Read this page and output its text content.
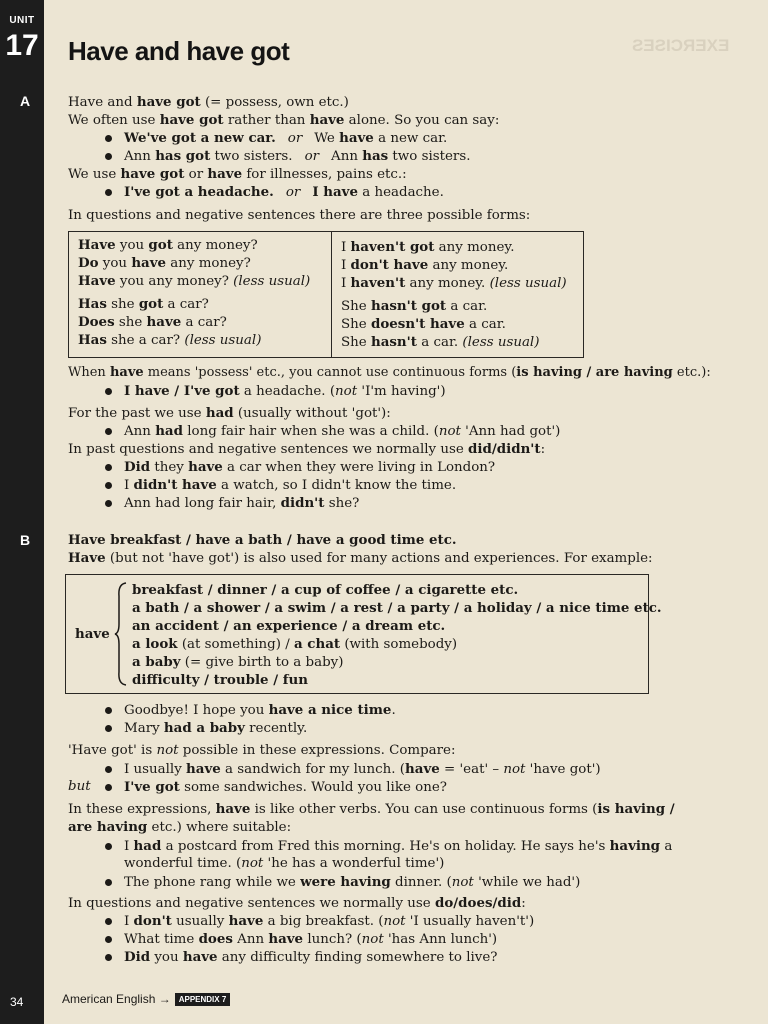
UNIT
17
A
B
34
Have and have got	EXERCISES
Have and have got (= possess, own etc.)
We often use have got rather than have alone. So you can say:
We've got a new car. or We have a new car.
Ann has got two sisters. or Ann has two sisters.
We use have got or have for illnesses, pains etc.:
I've got a headache. or I have a headache.
In questions and negative sentences there are three possible forms:
Have you got any money?
Do you have any money?
Have you any money? (less usual)
Has she got a car?
Does she have a car?
Has she a car? (less usual)
I haven't got any money.
I don't have any money.
I haven't any money. (less usual)
She hasn't got a car.
She doesn't have a car.
She hasn't a car. (less usual)
When have means 'possess' etc., you cannot use continuous forms (is having / are having etc.):
I have / I've got a headache. (not 'I'm having')
For the past we use had (usually without 'got'):
Ann had long fair hair when she was a child. (not 'Ann had got')
In past questions and negative sentences we normally use did/didn't:
Did they have a car when they were living in London?
I didn't have a watch, so I didn't know the time.
Ann had long fair hair, didn't she?
Have breakfast / have a bath / have a good time etc.
Have (but not 'have got') is also used for many actions and experiences. For example:
have
breakfast / dinner / a cup of coffee / a cigarette etc.
a bath / a shower / a swim / a rest / a party / a holiday / a nice time etc.
an accident / an experience / a dream etc.
a look (at something) / a chat (with somebody)
a baby (= give birth to a baby)
difficulty / trouble / fun
Goodbye! I hope you have a nice time.
Mary had a baby recently.
'Have got' is not possible in these expressions. Compare:
I usually have a sandwich for my lunch. (have = 'eat' – not 'have got')
but I've got some sandwiches. Would you like one?
In these expressions, have is like other verbs. You can use continuous forms (is having /
are having etc.) where suitable:
I had a postcard from Fred this morning. He's on holiday. He says he's having a
wonderful time. (not 'he has a wonderful time')
The phone rang while we were having dinner. (not 'while we had')
In questions and negative sentences we normally use do/does/did:
I don't usually have a big breakfast. (not 'I usually haven't')
What time does Ann have lunch? (not 'has Ann lunch')
Did you have any difficulty finding somewhere to live?
American English → APPENDIX 7
